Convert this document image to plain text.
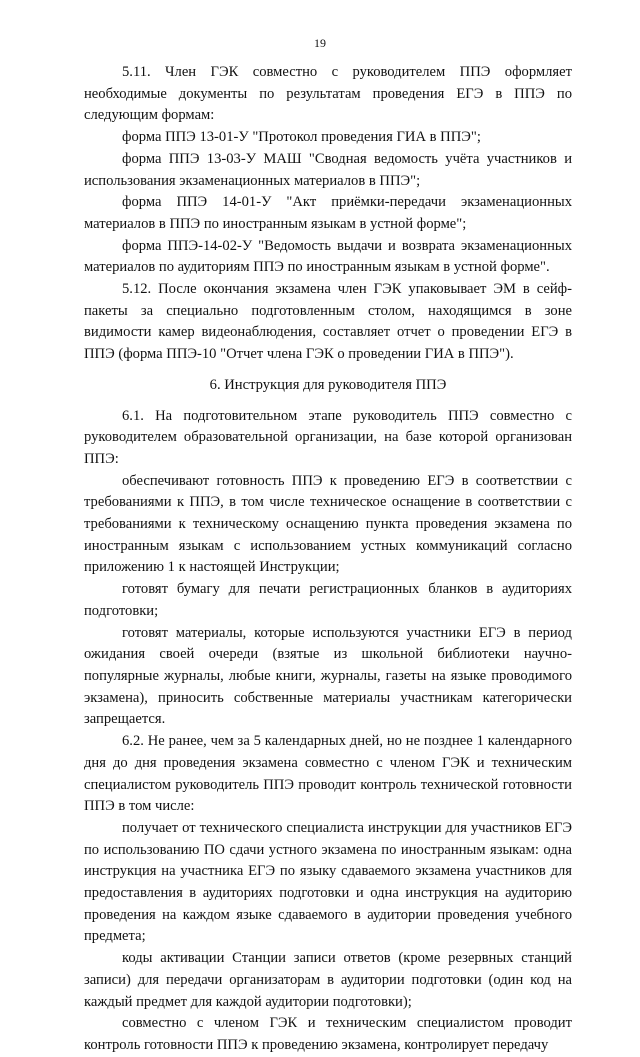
19

5.11. Член ГЭК совместно с руководителем ППЭ оформляет необходимые документы по результатам проведения ЕГЭ в ППЭ по следующим формам:

форма ППЭ 13-01-У "Протокол проведения ГИА в ППЭ";

форма ППЭ 13-03-У МАШ "Сводная ведомость учёта участников и использования экзаменационных материалов в ППЭ";

форма ППЭ 14-01-У "Акт приёмки-передачи экзаменационных материалов в ППЭ по иностранным языкам в устной форме";

форма ППЭ-14-02-У "Ведомость выдачи и возврата экзаменационных материалов по аудиториям ППЭ по иностранным языкам в устной форме".

5.12. После окончания экзамена член ГЭК упаковывает ЭМ в сейф-пакеты за специально подготовленным столом, находящимся в зоне видимости камер видеонаблюдения, составляет отчет о проведении ЕГЭ в ППЭ (форма ППЭ-10 "Отчет члена ГЭК о проведении ГИА в ППЭ").

6. Инструкция для руководителя ППЭ

6.1. На подготовительном этапе руководитель ППЭ совместно с руководителем образовательной организации, на базе которой организован ППЭ:

обеспечивают готовность ППЭ к проведению ЕГЭ в соответствии с требованиями к ППЭ, в том числе техническое оснащение в соответствии с требованиями к техническому оснащению пункта проведения экзамена по иностранным языкам с использованием устных коммуникаций согласно приложению 1 к настоящей Инструкции;

готовят бумагу для печати регистрационных бланков в аудиториях подготовки;

готовят материалы, которые используются участники ЕГЭ в период ожидания своей очереди (взятые из школьной библиотеки научно-популярные журналы, любые книги, журналы, газеты на языке проводимого экзамена), приносить собственные материалы участникам категорически запрещается.

6.2. Не ранее, чем за 5 календарных дней, но не позднее 1 календарного дня до дня проведения экзамена совместно с членом ГЭК и техническим специалистом руководитель ППЭ проводит контроль технической готовности ППЭ в том числе:

получает от технического специалиста инструкции для участников ЕГЭ по использованию ПО сдачи устного экзамена по иностранным языкам: одна инструкция на участника ЕГЭ по языку сдаваемого экзамена участников для предоставления в аудиториях подготовки и одна инструкция на аудиторию проведения на каждом языке сдаваемого в аудитории проведения учебного предмета;

коды активации Станции записи ответов (кроме резервных станций записи) для передачи организаторам в аудитории подготовки (один код на каждый предмет для каждой аудитории подготовки);

совместно с членом ГЭК и техническим специалистом проводит контроль готовности ППЭ к проведению экзамена, контролирует передачу
